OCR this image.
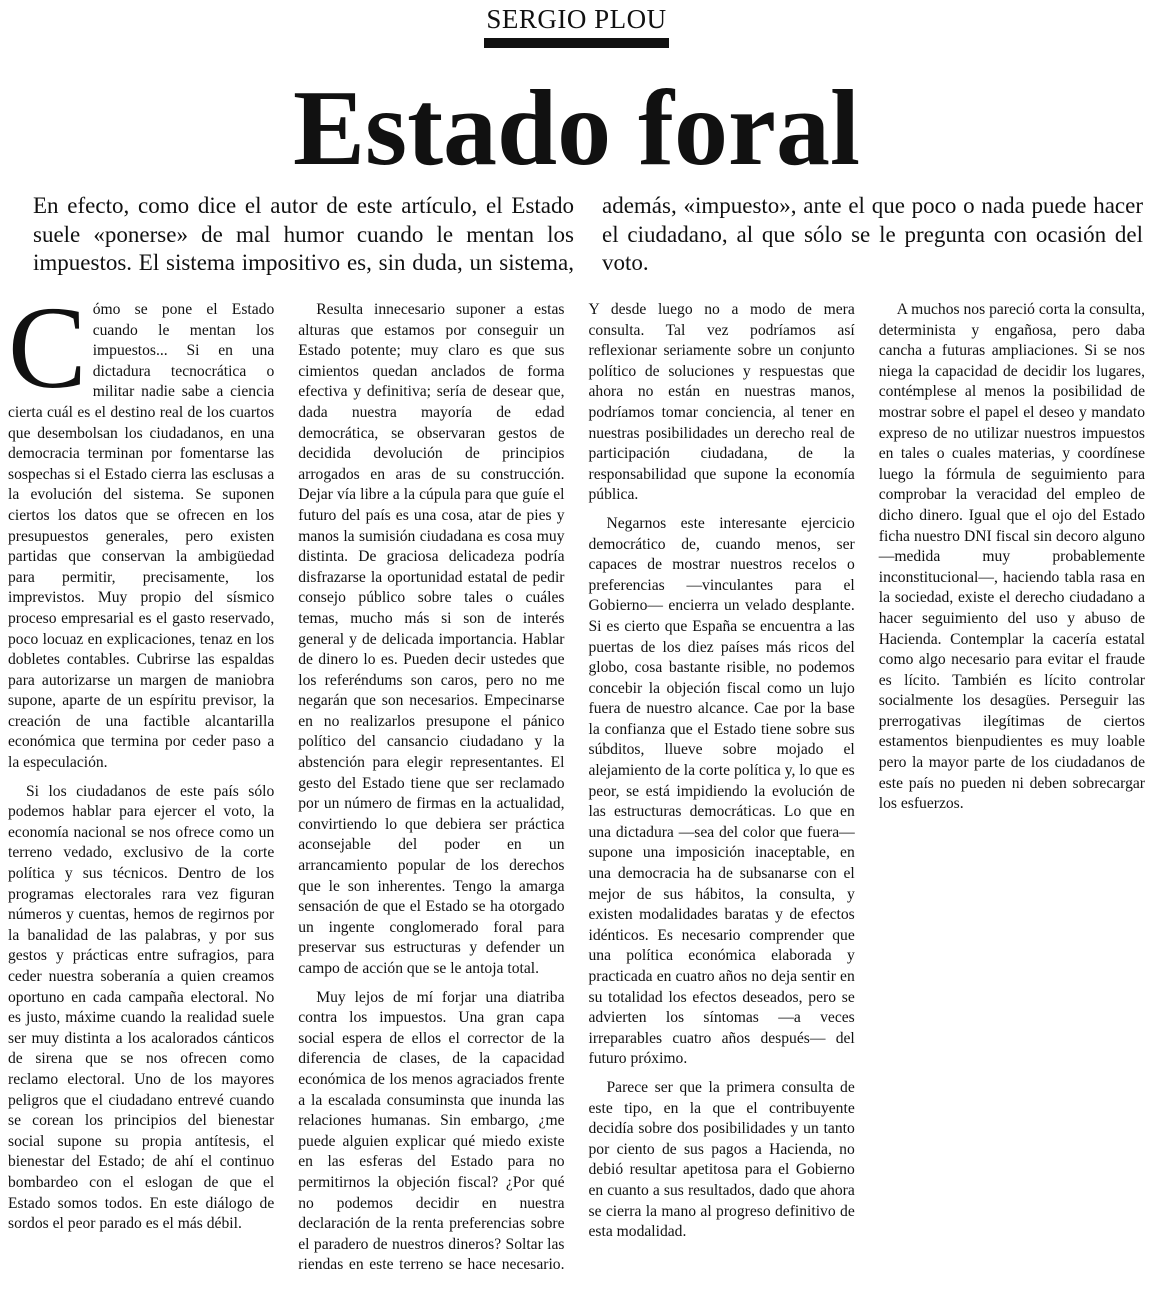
SERGIO PLOU
Estado foral

En efecto, como dice el autor de este artículo, el Estado suele «ponerse» de mal humor cuando le mentan los impuestos. El sistema impositivo es, sin duda, un sistema, además, «impuesto», ante el que poco o nada puede hacer el ciudadano, al que sólo se le pregunta con ocasión del voto.

Cómo se pone el Estado cuando le mentan los impuestos... Si en una dictadura tecnocrática o militar nadie sabe a ciencia cierta cuál es el destino real de los cuartos que desembolsan los ciudadanos, en una democracia terminan por fomentarse las sospechas si el Estado cierra las esclusas a la evolución del sistema. Se suponen ciertos los datos que se ofrecen en los presupuestos generales, pero existen partidas que conservan la ambigüedad para permitir, precisamente, los imprevistos. Muy propio del sísmico proceso empresarial es el gasto reservado, poco locuaz en explicaciones, tenaz en los dobletes contables. Cubrirse las espaldas para autorizarse un margen de maniobra supone, aparte de un espíritu previsor, la creación de una factible alcantarilla económica que termina por ceder paso a la especulación.

Si los ciudadanos de este país sólo podemos hablar para ejercer el voto, la economía nacional se nos ofrece como un terreno vedado, exclusivo de la corte política y sus técnicos. Dentro de los programas electorales rara vez figuran números y cuentas, hemos de regirnos por la banalidad de las palabras, y por sus gestos y prácticas entre sufragios, para ceder nuestra soberanía a quien creamos oportuno en cada campaña electoral. No es justo, máxime cuando la realidad suele ser muy distinta a los acalorados cánticos de sirena que se nos ofrecen como reclamo electoral. Uno de los mayores peligros que el ciudadano entrevé cuando se corean los principios del bienestar social supone su propia antítesis, el bienestar del Estado; de ahí el continuo bombardeo con el eslogan de que el Estado somos todos. En este diálogo de sordos el peor parado es el más débil.

Resulta innecesario suponer a estas alturas que estamos por conseguir un Estado potente; muy claro es que sus cimientos quedan anclados de forma efectiva y definitiva; sería de desear que, dada nuestra mayoría de edad democrática, se observaran gestos de decidida devolución de principios arrogados en aras de su construcción. Dejar vía libre a la cúpula para que guíe el futuro del país es una cosa, atar de pies y manos la sumisión ciudadana es cosa muy distinta. De graciosa delicadeza podría disfrazarse la oportunidad estatal de pedir consejo público sobre tales o cuáles temas, mucho más si son de interés general y de delicada importancia. Hablar de dinero lo es. Pueden decir ustedes que los referéndums son caros, pero no me negarán que son necesarios. Empecinarse en no realizarlos presupone el pánico político del cansancio ciudadano y la abstención para elegir representantes. El gesto del Estado tiene que ser reclamado por un número de firmas en la actualidad, convirtiendo lo que debiera ser práctica aconsejable del poder en un arrancamiento popular de los derechos que le son inherentes. Tengo la amarga sensación de que el Estado se ha otorgado un ingente conglomerado foral para preservar sus estructuras y defender un campo de acción que se le antoja total.

Muy lejos de mí forjar una diatriba contra los impuestos. Una gran capa social espera de ellos el corrector de la diferencia de clases, de la capacidad económica de los menos agraciados frente a la escalada consuminsta que inunda las relaciones humanas. Sin embargo, ¿me puede alguien explicar qué miedo existe en las esferas del Estado para no permitirnos la objeción fiscal? ¿Por qué no podemos decidir en nuestra declaración de la renta preferencias sobre el paradero de nuestros dineros? Soltar las riendas en este terreno se hace necesario. Y desde luego no a modo de mera consulta. Tal vez podríamos así reflexionar seriamente sobre un conjunto político de soluciones y respuestas que ahora no están en nuestras manos, podríamos tomar conciencia, al tener en nuestras posibilidades un derecho real de participación ciudadana, de la responsabilidad que supone la economía pública.

Negarnos este interesante ejercicio democrático de, cuando menos, ser capaces de mostrar nuestros recelos o preferencias —vinculantes para el Gobierno— encierra un velado desplante. Si es cierto que España se encuentra a las puertas de los diez países más ricos del globo, cosa bastante risible, no podemos concebir la objeción fiscal como un lujo fuera de nuestro alcance. Cae por la base la confianza que el Estado tiene sobre sus súbditos, llueve sobre mojado el alejamiento de la corte política y, lo que es peor, se está impidiendo la evolución de las estructuras democráticas. Lo que en una dictadura —sea del color que fuera— supone una imposición inaceptable, en una democracia ha de subsanarse con el mejor de sus hábitos, la consulta, y existen modalidades baratas y de efectos idénticos. Es necesario comprender que una política económica elaborada y practicada en cuatro años no deja sentir en su totalidad los efectos deseados, pero se advierten los síntomas —a veces irreparables cuatro años después— del futuro próximo.

Parece ser que la primera consulta de este tipo, en la que el contribuyente decidía sobre dos posibilidades y un tanto por ciento de sus pagos a Hacienda, no debió resultar apetitosa para el Gobierno en cuanto a sus resultados, dado que ahora se cierra la mano al progreso definitivo de esta modalidad.

A muchos nos pareció corta la consulta, determinista y engañosa, pero daba cancha a futuras ampliaciones. Si se nos niega la capacidad de decidir los lugares, contémplese al menos la posibilidad de mostrar sobre el papel el deseo y mandato expreso de no utilizar nuestros impuestos en tales o cuales materias, y coordínese luego la fórmula de seguimiento para comprobar la veracidad del empleo de dicho dinero. Igual que el ojo del Estado ficha nuestro DNI fiscal sin decoro alguno —medida muy probablemente inconstitucional—, haciendo tabla rasa en la sociedad, existe el derecho ciudadano a hacer seguimiento del uso y abuso de Hacienda. Contemplar la cacería estatal como algo necesario para evitar el fraude es lícito. También es lícito controlar socialmente los desagües. Perseguir las prerrogativas ilegítimas de ciertos estamentos bienpudientes es muy loable pero la mayor parte de los ciudadanos de este país no pueden ni deben sobrecargar los esfuerzos.
